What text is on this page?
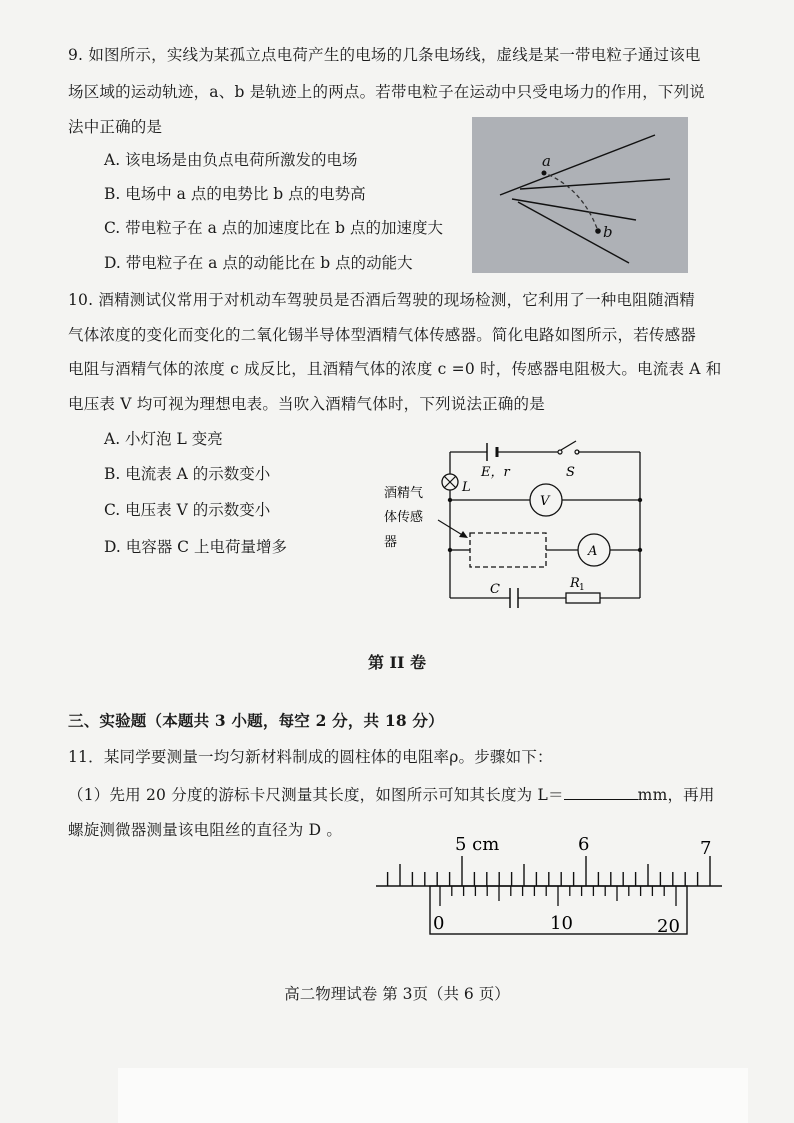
9. 如图所示，实线为某孤立点电荷产生的电场的几条电场线，虚线是某一带电粒子通过该电
场区域的运动轨迹，a、b 是轨迹上的两点。若带电粒子在运动中只受电场力的作用，下列说
法中正确的是
A. 该电场是由负点电荷所激发的电场
B. 电场中 a 点的电势比 b 点的电势高
C. 带电粒子在 a 点的加速度比在 b 点的加速度大
D. 带电粒子在 a 点的动能比在 b 点的动能大
a
b
10. 酒精测试仪常用于对机动车驾驶员是否酒后驾驶的现场检测，它利用了一种电阻随酒精
气体浓度的变化而变化的二氧化锡半导体型酒精气体传感器。简化电路如图所示，若传感器
电阻与酒精气体的浓度 c 成反比，且酒精气体的浓度 c =0 时，传感器电阻极大。电流表 A 和
电压表 V 均可视为理想电表。当吹入酒精气体时，下列说法正确的是
A. 小灯泡 L 变亮
B. 电流表 A 的示数变小
C. 电压表 V 的示数变小
D. 电容器 C 上电荷量增多
E，r	S
L
V
A
C	R 1
酒精气
体传感
器
第 II 卷
三、实验题（本题共 3 小题，每空 2 分，共 18 分）
11．某同学要测量一均匀新材料制成的圆柱体的电阻率ρ。步骤如下：
（1）先用 20 分度的游标卡尺测量其长度，如图所示可知其长度为 L＝	mm，再用
螺旋测微器测量该电阻丝的直径为 D 。
5 cm	6	7
0	10	20
高二物理试卷 第 3页（共 6 页）
